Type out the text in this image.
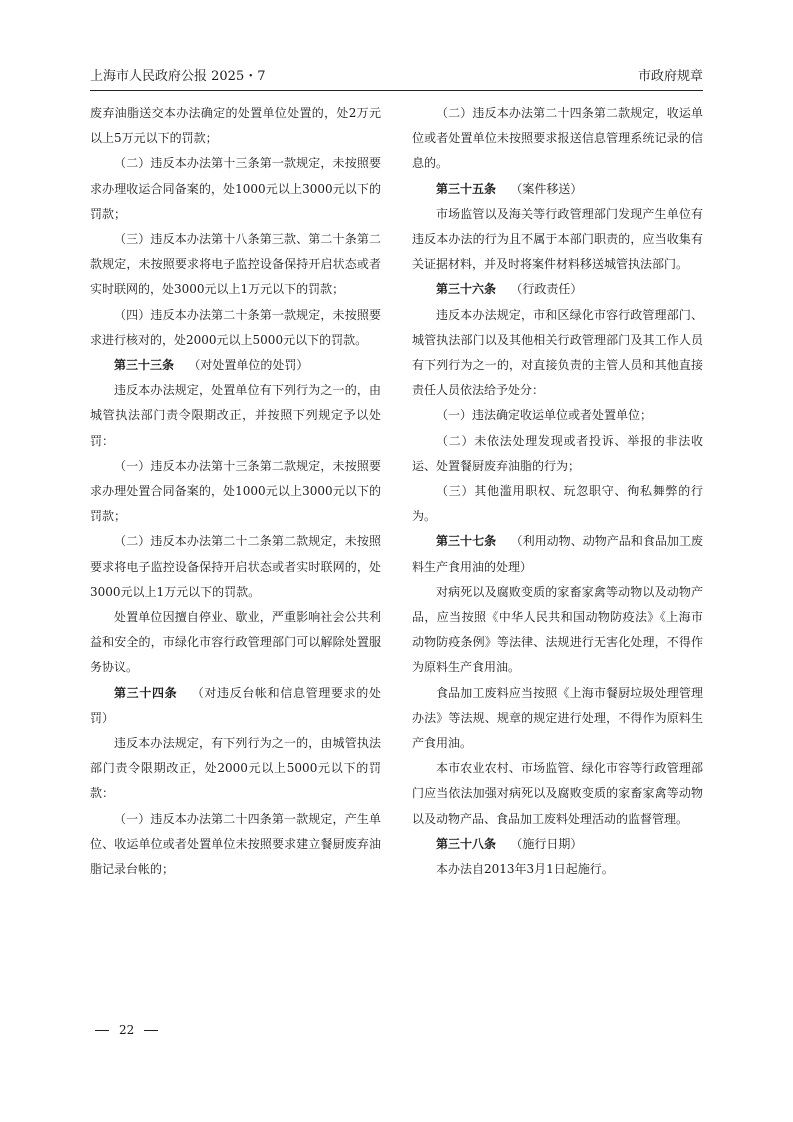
上海市人民政府公报 2025・7	市政府规章

废弃油脂送交本办法确定的处置单位处置的，处2万元以上5万元以下的罚款；

（二）违反本办法第十三条第一款规定，未按照要求办理收运合同备案的，处1000元以上3000元以下的罚款；

（三）违反本办法第十八条第三款、第二十条第二款规定，未按照要求将电子监控设备保持开启状态或者实时联网的，处3000元以上1万元以下的罚款；

（四）违反本办法第二十条第一款规定，未按照要求进行核对的，处2000元以上5000元以下的罚款。

第三十三条 （对处置单位的处罚）

违反本办法规定，处置单位有下列行为之一的，由城管执法部门责令限期改正，并按照下列规定予以处罚：

（一）违反本办法第十三条第二款规定，未按照要求办理处置合同备案的，处1000元以上3000元以下的罚款；

（二）违反本办法第二十二条第二款规定，未按照要求将电子监控设备保持开启状态或者实时联网的，处3000元以上1万元以下的罚款。

处置单位因擅自停业、歇业，严重影响社会公共利益和安全的，市绿化市容行政管理部门可以解除处置服务协议。

第三十四条 （对违反台帐和信息管理要求的处罚）

违反本办法规定，有下列行为之一的，由城管执法部门责令限期改正，处2000元以上5000元以下的罚款：

（一）违反本办法第二十四条第一款规定，产生单位、收运单位或者处置单位未按照要求建立餐厨废弃油脂记录台帐的；

（二）违反本办法第二十四条第二款规定，收运单位或者处置单位未按照要求报送信息管理系统记录的信息的。

第三十五条 （案件移送）

市场监管以及海关等行政管理部门发现产生单位有违反本办法的行为且不属于本部门职责的，应当收集有关证据材料，并及时将案件材料移送城管执法部门。

第三十六条 （行政责任）

违反本办法规定，市和区绿化市容行政管理部门、城管执法部门以及其他相关行政管理部门及其工作人员有下列行为之一的，对直接负责的主管人员和其他直接责任人员依法给予处分：

（一）违法确定收运单位或者处置单位；

（二）未依法处理发现或者投诉、举报的非法收运、处置餐厨废弃油脂的行为；

（三）其他滥用职权、玩忽职守、徇私舞弊的行为。

第三十七条 （利用动物、动物产品和食品加工废料生产食用油的处理）

对病死以及腐败变质的家畜家禽等动物以及动物产品，应当按照《中华人民共和国动物防疫法》《上海市动物防疫条例》等法律、法规进行无害化处理，不得作为原料生产食用油。

食品加工废料应当按照《上海市餐厨垃圾处理管理办法》等法规、规章的规定进行处理，不得作为原料生产食用油。

本市农业农村、市场监管、绿化市容等行政管理部门应当依法加强对病死以及腐败变质的家畜家禽等动物以及动物产品、食品加工废料处理活动的监督管理。

第三十八条 （施行日期）

本办法自2013年3月1日起施行。

22
